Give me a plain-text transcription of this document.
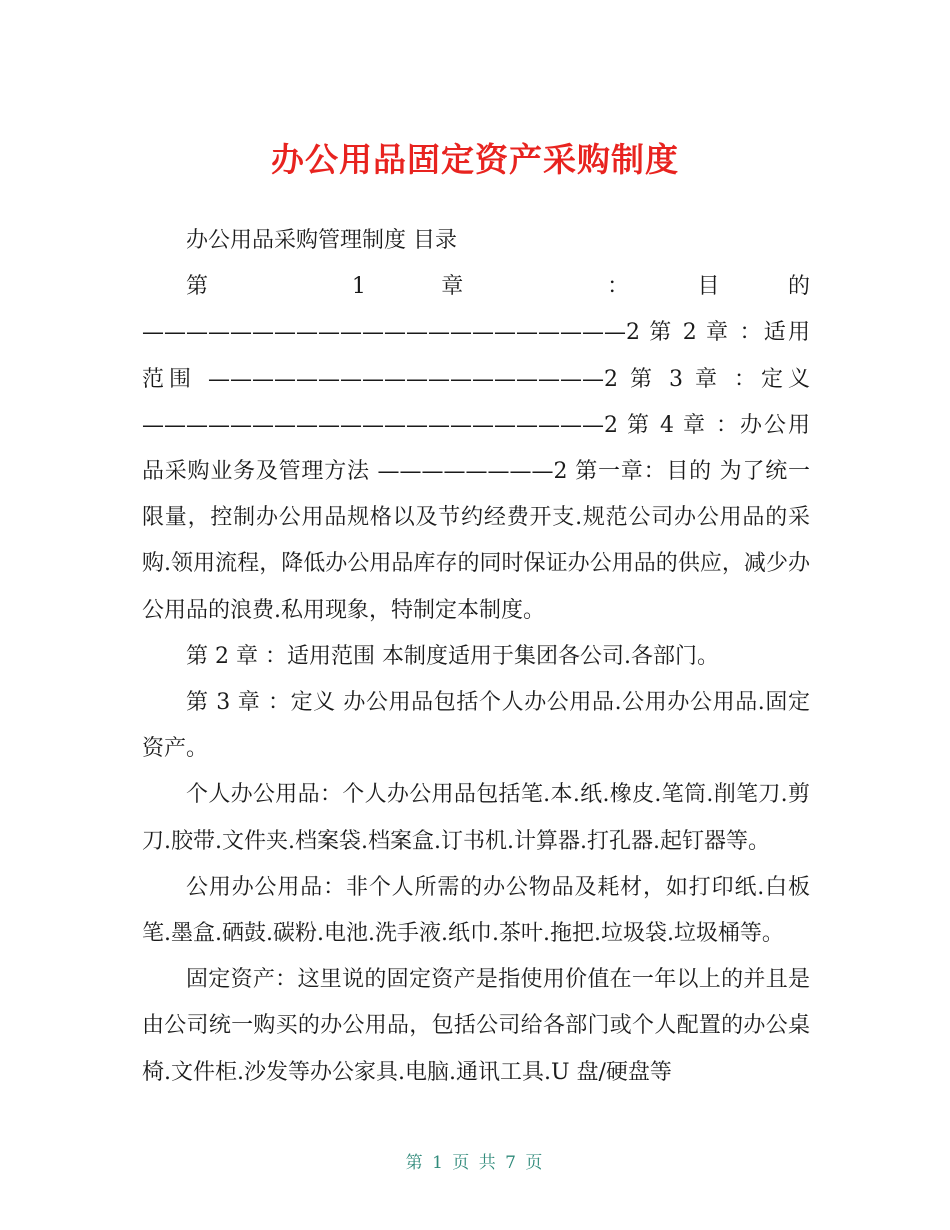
办公用品固定资产采购制度

办公用品采购管理制度 目录

第 1 章 ：目的 ——————————————————————2 第 2 章 ：适用范围 ——————————————————2 第 3 章 ：定义 —————————————————————2 第 4 章 ：办公用品采购业务及管理方法 ————————2 第一章：目的 为了统一限量，控制办公用品规格以及节约经费开支.规范公司办公用品的采购.领用流程，降低办公用品库存的同时保证办公用品的供应，减少办公用品的浪费.私用现象，特制定本制度。

第 2 章 ：适用范围 本制度适用于集团各公司.各部门。

第 3 章 ：定义 办公用品包括个人办公用品.公用办公用品.固定资产。

个人办公用品：个人办公用品包括笔.本.纸.橡皮.笔筒.削笔刀.剪刀.胶带.文件夹.档案袋.档案盒.订书机.计算器.打孔器.起钉器等。

公用办公用品：非个人所需的办公物品及耗材，如打印纸.白板笔.墨盒.硒鼓.碳粉.电池.洗手液.纸巾.茶叶.拖把.垃圾袋.垃圾桶等。

固定资产：这里说的固定资产是指使用价值在一年以上的并且是由公司统一购买的办公用品，包括公司给各部门或个人配置的办公桌椅.文件柜.沙发等办公家具.电脑.通讯工具.U 盘/硬盘等

第 1 页 共 7 页
